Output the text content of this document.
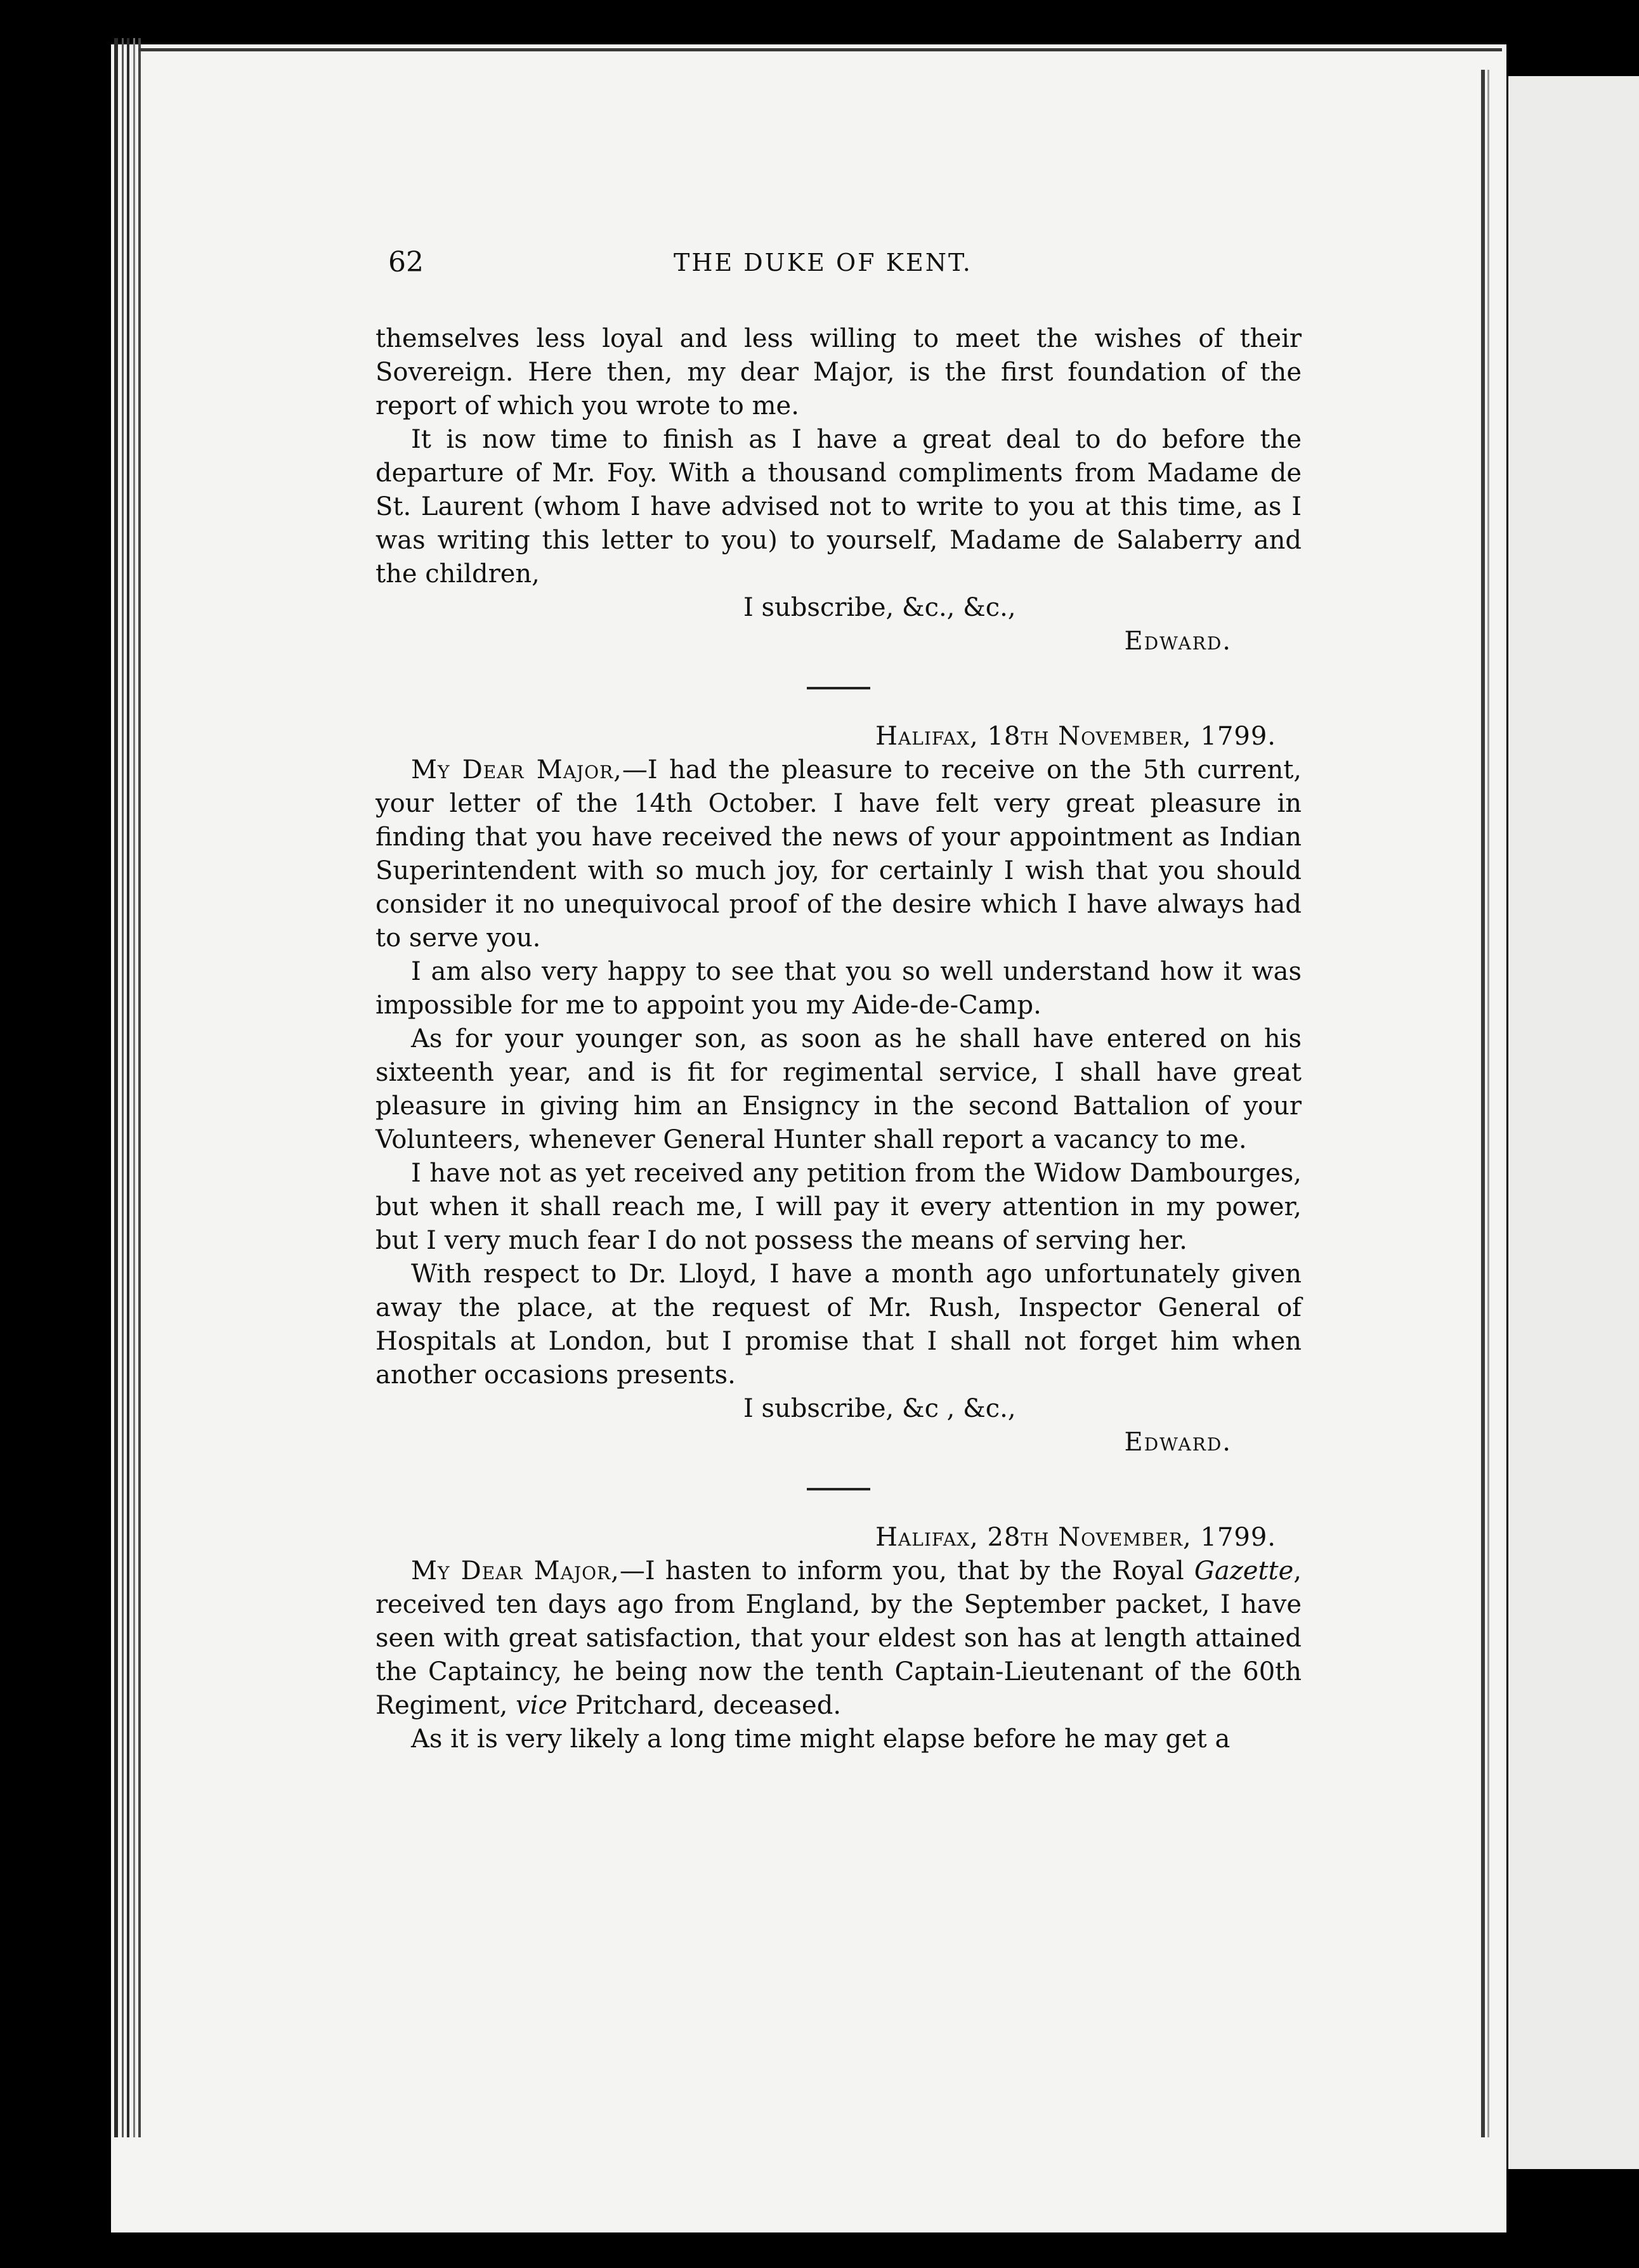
62	THE DUKE OF KENT.

themselves less loyal and less willing to meet the wishes of their Sovereign. Here then, my dear Major, is the first foundation of the report of which you wrote to me.

It is now time to finish as I have a great deal to do before the departure of Mr. Foy. With a thousand compliments from Madame de St. Laurent (whom I have advised not to write to you at this time, as I was writing this letter to you) to yourself, Madame de Salaberry and the children,

I subscribe, &c., &c.,

Edward.

Halifax, 18th November, 1799.

My Dear Major,—I had the pleasure to receive on the 5th current, your letter of the 14th October. I have felt very great pleasure in finding that you have received the news of your appointment as Indian Superintendent with so much joy, for certainly I wish that you should consider it no unequivocal proof of the desire which I have always had to serve you.

I am also very happy to see that you so well understand how it was impossible for me to appoint you my Aide-de-Camp.

As for your younger son, as soon as he shall have entered on his sixteenth year, and is fit for regimental service, I shall have great pleasure in giving him an Ensigncy in the second Battalion of your Volunteers, whenever General Hunter shall report a vacancy to me.

I have not as yet received any petition from the Widow Dambourges, but when it shall reach me, I will pay it every attention in my power, but I very much fear I do not possess the means of serving her.

With respect to Dr. Lloyd, I have a month ago unfortunately given away the place, at the request of Mr. Rush, Inspector General of Hospitals at London, but I promise that I shall not forget him when another occasions presents.

I subscribe, &c , &c.,

Edward.

Halifax, 28th November, 1799.

My Dear Major,—I hasten to inform you, that by the Royal Gazette, received ten days ago from England, by the September packet, I have seen with great satisfaction, that your eldest son has at length attained the Captaincy, he being now the tenth Captain-Lieutenant of the 60th Regiment, vice Pritchard, deceased.

As it is very likely a long time might elapse before he may get a
